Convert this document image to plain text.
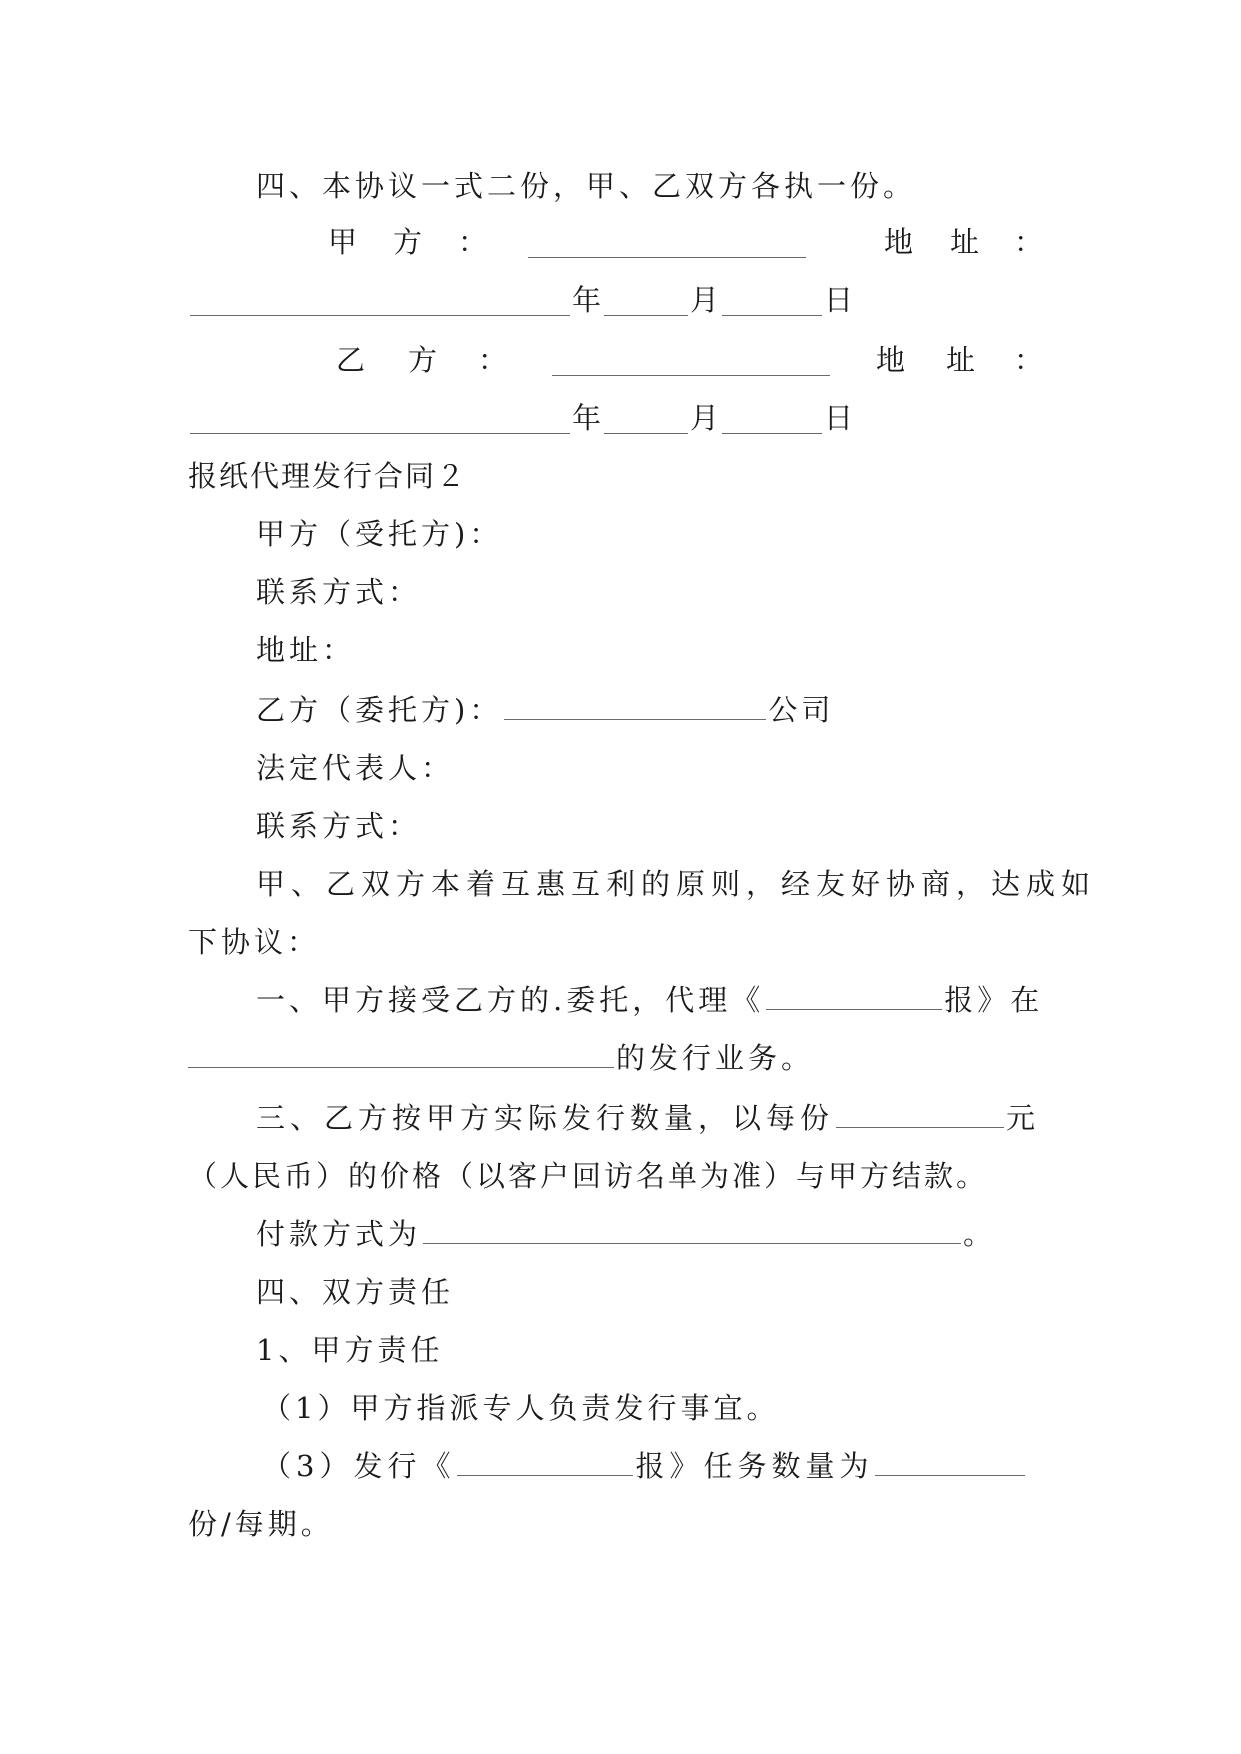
四、本协议一式二份，甲、乙双方各执一份。
甲 方 ：	地 址 ：
年	月	日
乙 方 ：	地 址 ：
年	月	日
报纸代理发行合同２
甲方（受托方)：
联系方式：
地址：
乙方（委托方)：	公司
法定代表人：
联系方式：
甲、乙双方本着互惠互利的原则，经友好协商，达成如
下协议：
一、甲方接受乙方的.委托，代理《	报》在
的发行业务。
三、乙方按甲方实际发行数量，以每份	元
（人民币）的价格（以客户回访名单为准）与甲方结款。
付款方式为	。
四、双方责任
1、甲方责任
（1）甲方指派专人负责发行事宜。
（3）发行《	报》任务数量为
份/每期。
